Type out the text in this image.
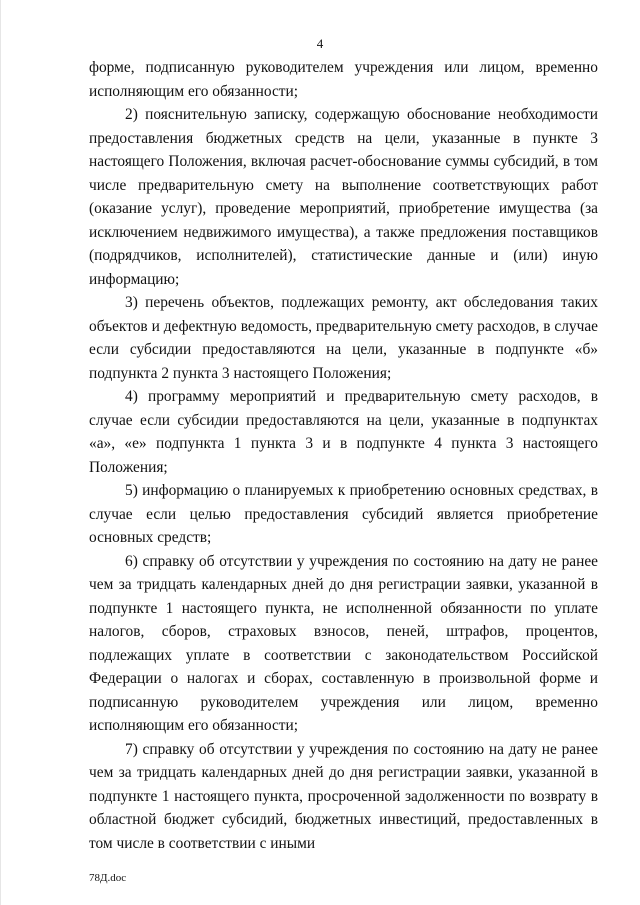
4

форме, подписанную руководителем учреждения или лицом, временно исполняющим его обязанности;

2) пояснительную записку, содержащую обоснование необходимости предоставления бюджетных средств на цели, указанные в пункте 3 настоящего Положения, включая расчет-обоснование суммы субсидий, в том числе предварительную смету на выполнение соответствующих работ (оказание услуг), проведение мероприятий, приобретение имущества (за исключением недвижимого имущества), а также предложения поставщиков (подрядчиков, исполнителей), статистические данные и (или) иную информацию;

3) перечень объектов, подлежащих ремонту, акт обследования таких объектов и дефектную ведомость, предварительную смету расходов, в случае если субсидии предоставляются на цели, указанные в подпункте «б» подпункта 2 пункта 3 настоящего Положения;

4) программу мероприятий и предварительную смету расходов, в случае если субсидии предоставляются на цели, указанные в подпунктах «а», «е» подпункта 1 пункта 3 и в подпункте 4 пункта 3 настоящего Положения;

5) информацию о планируемых к приобретению основных средствах, в случае если целью предоставления субсидий является приобретение основных средств;

6) справку об отсутствии у учреждения по состоянию на дату не ранее чем за тридцать календарных дней до дня регистрации заявки, указанной в подпункте 1 настоящего пункта, не исполненной обязанности по уплате налогов, сборов, страховых взносов, пеней, штрафов, процентов, подлежащих уплате в соответствии с законодательством Российской Федерации о налогах и сборах, составленную в произвольной форме и подписанную руководителем учреждения или лицом, временно исполняющим его обязанности;

7) справку об отсутствии у учреждения по состоянию на дату не ранее чем за тридцать календарных дней до дня регистрации заявки, указанной в подпункте 1 настоящего пункта, просроченной задолженности по возврату в областной бюджет субсидий, бюджетных инвестиций, предоставленных в том числе в соответствии с иными

78Д.doc
